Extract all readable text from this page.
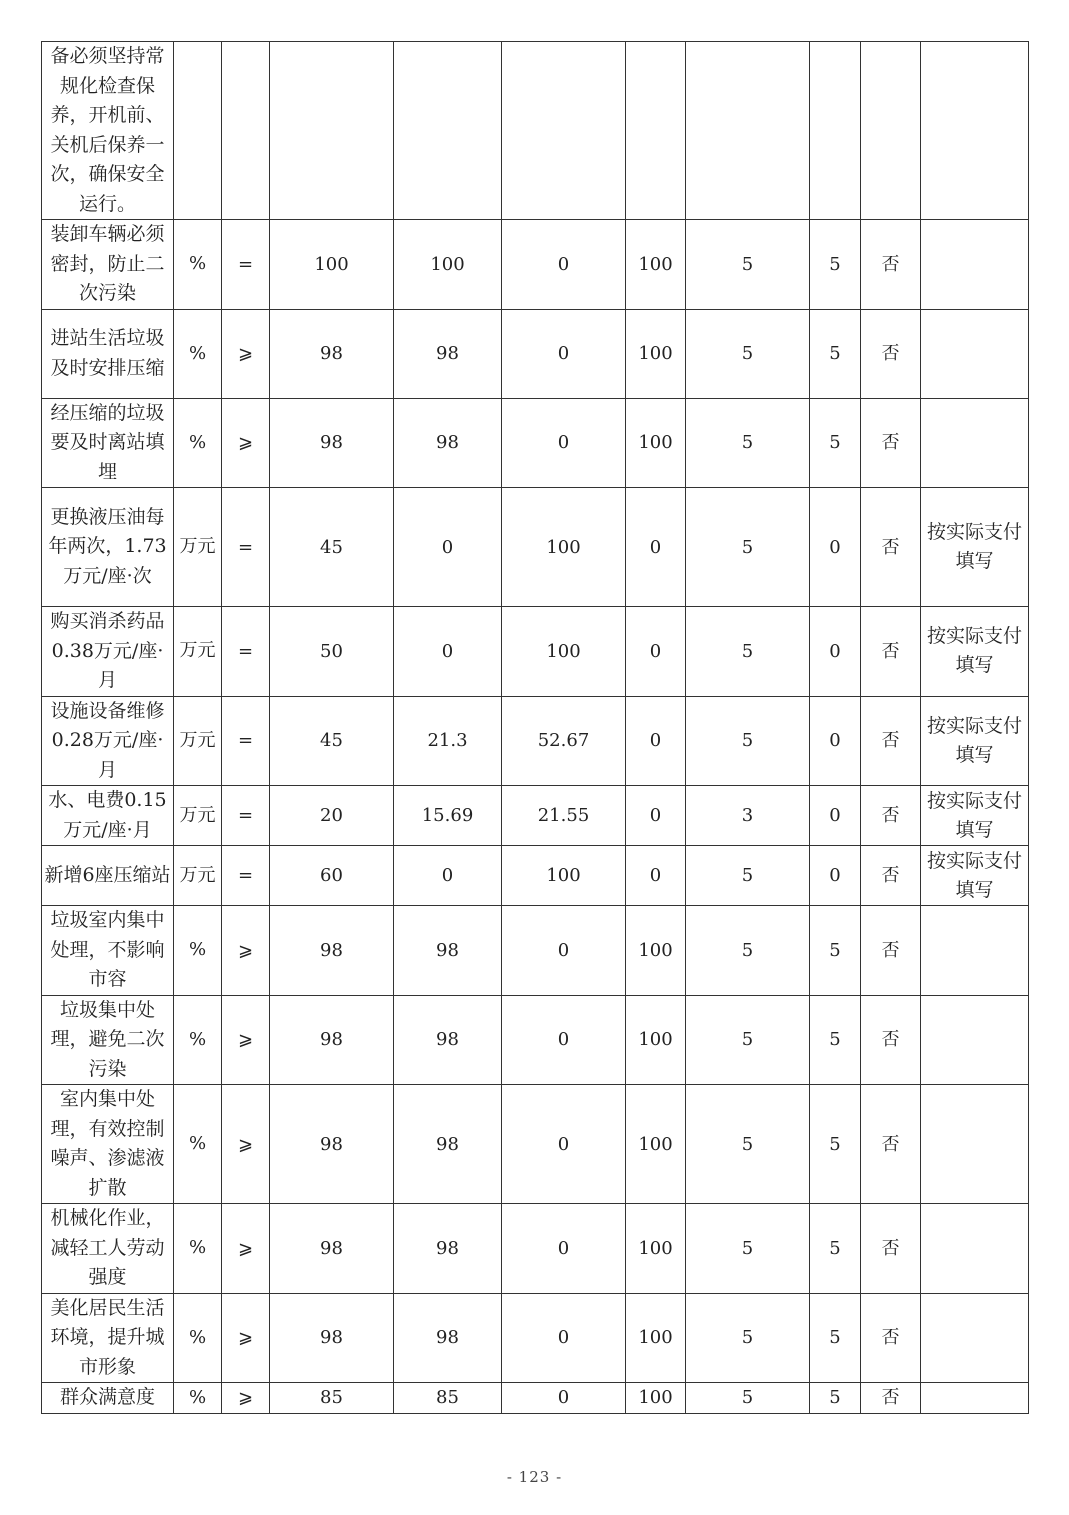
备必须坚持常规化检查保养，开机前、关机后保养一次，确保安全运行。										
装卸车辆必须密封，防止二次污染	%	=	100	100	0	100	5	5	否	
进站生活垃圾及时安排压缩	%	⩾	98	98	0	100	5	5	否	
经压缩的垃圾要及时离站填埋	%	⩾	98	98	0	100	5	5	否	
更换液压油每年两次，1.73万元/座·次	万元	=	45	0	100	0	5	0	否	按实际支付填写
购买消杀药品0.38万元/座·月	万元	=	50	0	100	0	5	0	否	按实际支付填写
设施设备维修0.28万元/座·月	万元	=	45	21.3	52.67	0	5	0	否	按实际支付填写
水、电费0.15万元/座·月	万元	=	20	15.69	21.55	0	3	0	否	按实际支付填写
新增6座压缩站	万元	=	60	0	100	0	5	0	否	按实际支付填写
垃圾室内集中处理，不影响市容	%	⩾	98	98	0	100	5	5	否	
垃圾集中处理，避免二次污染	%	⩾	98	98	0	100	5	5	否	
室内集中处理，有效控制噪声、渗滤液扩散	%	⩾	98	98	0	100	5	5	否	
机械化作业，减轻工人劳动强度	%	⩾	98	98	0	100	5	5	否	
美化居民生活环境，提升城市形象	%	⩾	98	98	0	100	5	5	否	
群众满意度	%	⩾	85	85	0	100	5	5	否	
- 123 -
